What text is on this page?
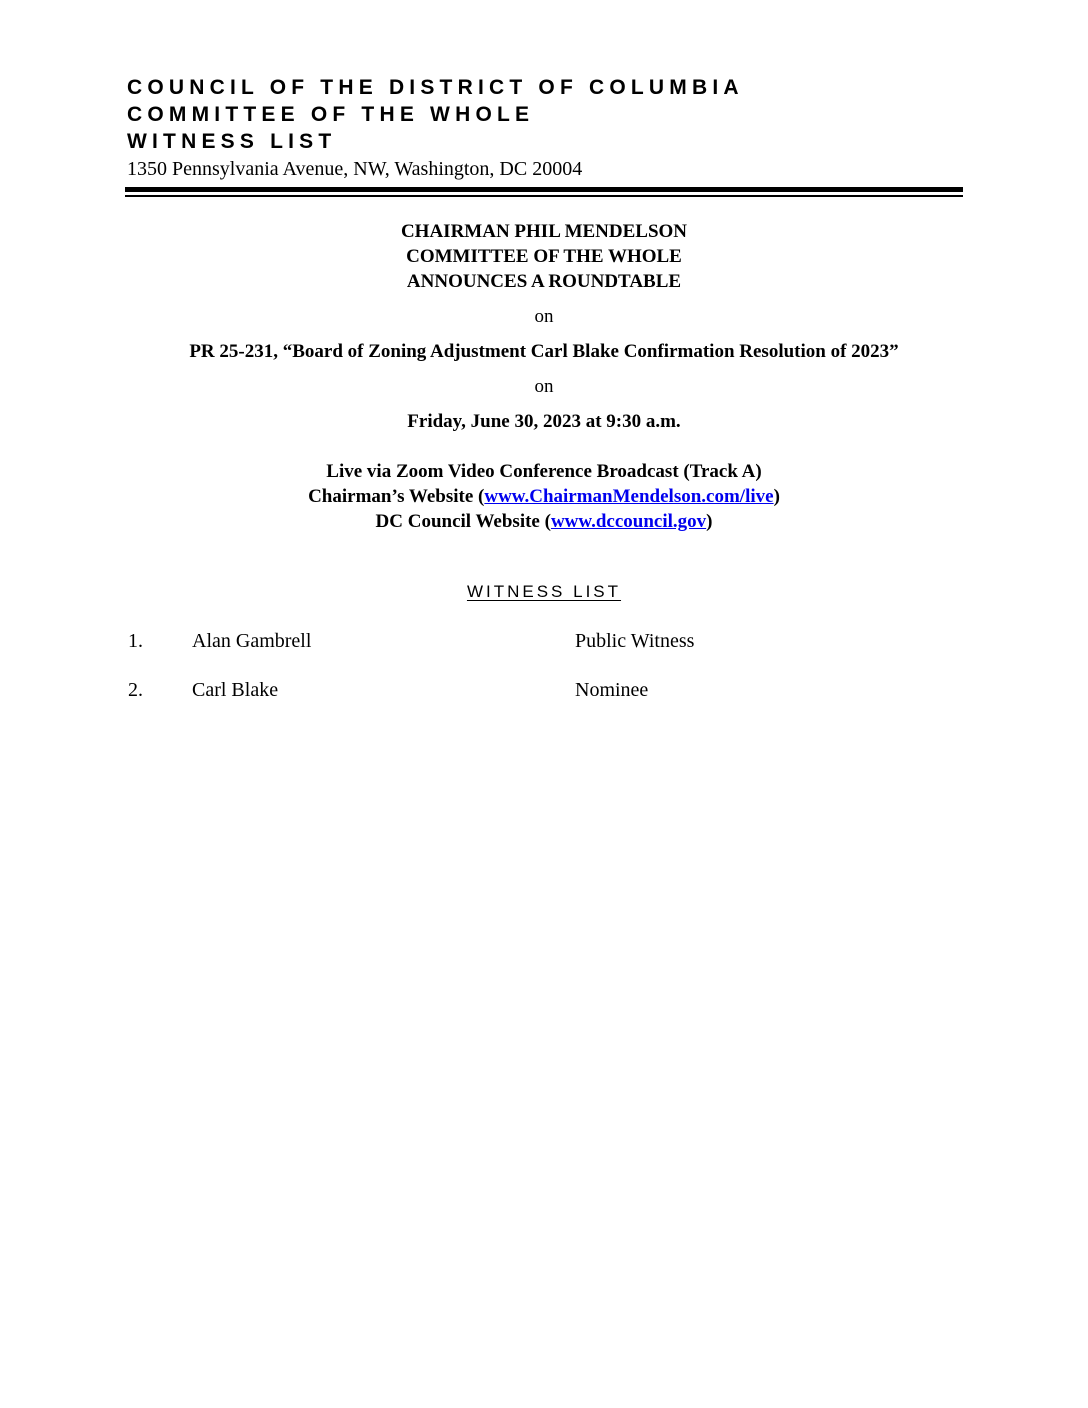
COUNCIL OF THE DISTRICT OF COLUMBIA
COMMITTEE OF THE WHOLE
WITNESS LIST
1350 Pennsylvania Avenue, NW, Washington, DC 20004
CHAIRMAN PHIL MENDELSON
COMMITTEE OF THE WHOLE
ANNOUNCES A ROUNDTABLE
on
PR 25-231, “Board of Zoning Adjustment Carl Blake Confirmation Resolution of 2023”
on
Friday, June 30, 2023 at 9:30 a.m.
Live via Zoom Video Conference Broadcast (Track A)
Chairman’s Website (www.ChairmanMendelson.com/live)
DC Council Website (www.dccouncil.gov)
WITNESS LIST
1. Alan Gambrell	Public Witness
2. Carl Blake	Nominee
